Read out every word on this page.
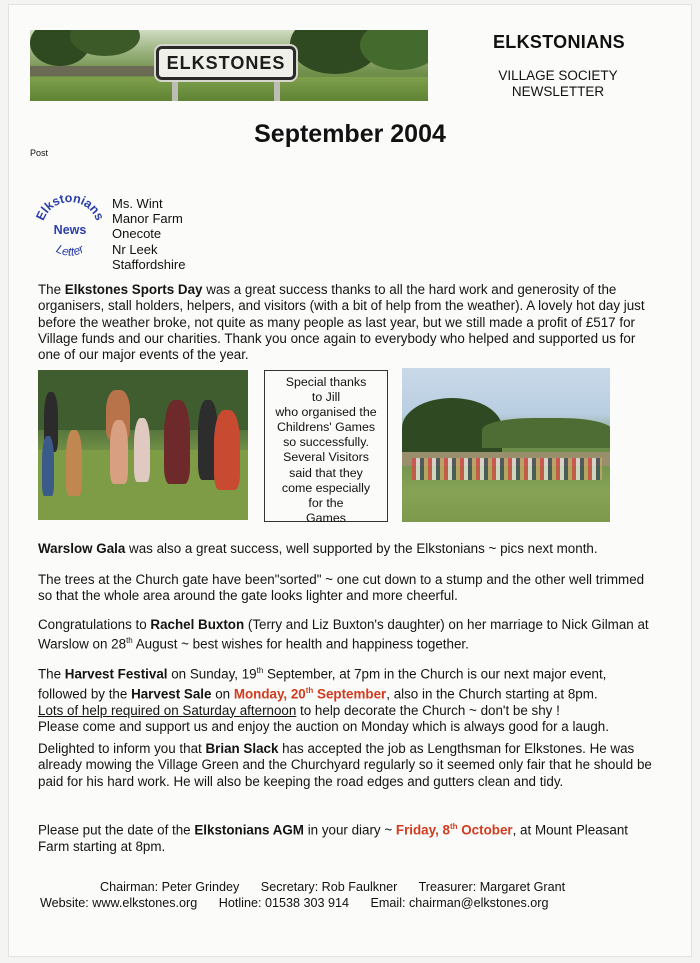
ELKSTONES
ELKSTONIANS
VILLAGE SOCIETY
NEWSLETTER
September 2004
Post
Elkstonians
News
Letter
Ms. Wint
Manor Farm
Onecote
Nr Leek
Staffordshire
The Elkstones Sports Day was a great success thanks to all the hard work and generosity of the organisers, stall holders, helpers, and visitors (with a bit of help from the weather). A lovely hot day just before the weather broke, not quite as many people as last year, but we still made a profit of £517 for Village funds and our charities. Thank you once again to everybody who helped and supported us for one of our major events of the year.
Special thanks
to Jill
who organised the
Childrens' Games
so successfully.
Several Visitors
said that they
come especially
for the
Games
Warslow Gala was also a great success, well supported by the Elkstonians ~ pics next month.
The trees at the Church gate have been"sorted" ~ one cut down to a stump and the other well trimmed so that the whole area around the gate looks lighter and more cheerful.
Congratulations to Rachel Buxton (Terry and Liz Buxton's daughter) on her marriage to Nick Gilman at Warslow on 28th August ~ best wishes for health and happiness together.
The Harvest Festival on Sunday, 19th September, at 7pm in the Church is our next major event, followed by the Harvest Sale on Monday, 20th September, also in the Church starting at 8pm.
Lots of help required on Saturday afternoon to help decorate the Church ~ don't be shy !
Please come and support us and enjoy the auction on Monday which is always good for a laugh.
Delighted to inform you that Brian Slack has accepted the job as Lengthsman for Elkstones. He was already mowing the Village Green and the Churchyard regularly so it seemed only fair that he should be paid for his hard work. He will also be keeping the road edges and gutters clean and tidy.
Please put the date of the Elkstonians AGM in your diary ~ Friday, 8th October, at Mount Pleasant Farm starting at 8pm.
Chairman: Peter Grindey Secretary: Rob Faulkner Treasurer: Margaret Grant
Website: www.elkstones.org Hotline: 01538 303 914 Email: chairman@elkstones.org
